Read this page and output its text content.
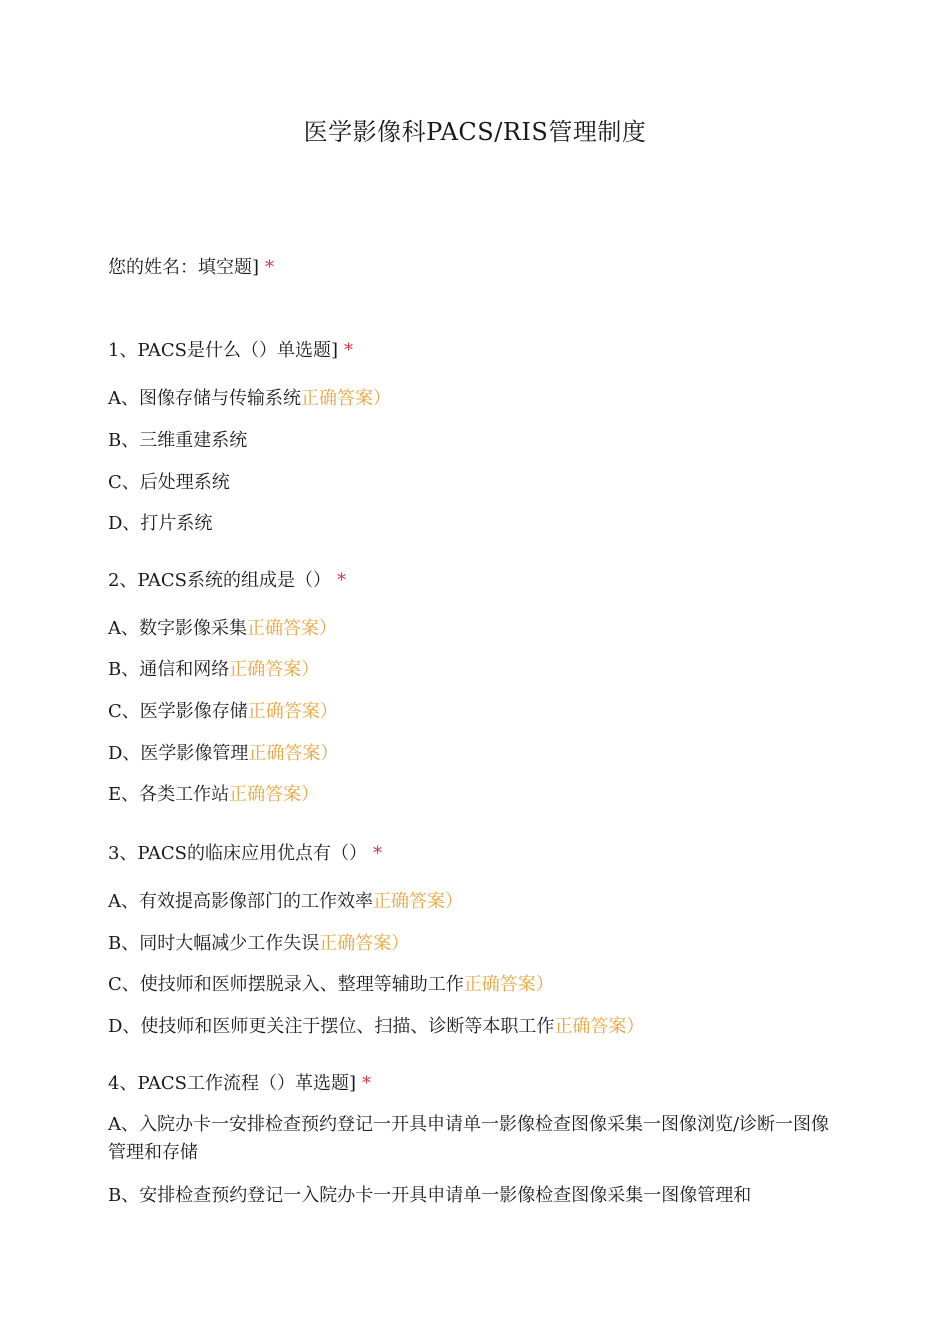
医学影像科PACS/RIS管理制度
您的姓名：填空题] *
1、PACS是什么（）单选题] *
A、图像存储与传输系统正确答案）
B、三维重建系统
C、后处理系统
D、打片系统
2、PACS系统的组成是（） *
A、数字影像采集正确答案）
B、通信和网络正确答案）
C、医学影像存储正确答案）
D、医学影像管理正确答案）
E、各类工作站正确答案）
3、PACS的临床应用优点有（） *
A、有效提高影像部门的工作效率正确答案）
B、同时大幅减少工作失误正确答案）
C、使技师和医师摆脱录入、整理等辅助工作正确答案）
D、使技师和医师更关注于摆位、扫描、诊断等本职工作正确答案）
4、PACS工作流程（）革选题] *
A、入院办卡一安排检查预约登记一开具申请单一影像检查图像采集一图像浏览/诊断一图像管理和存储
B、安排检查预约登记一入院办卡一开具申请单一影像检查图像采集一图像管理和
